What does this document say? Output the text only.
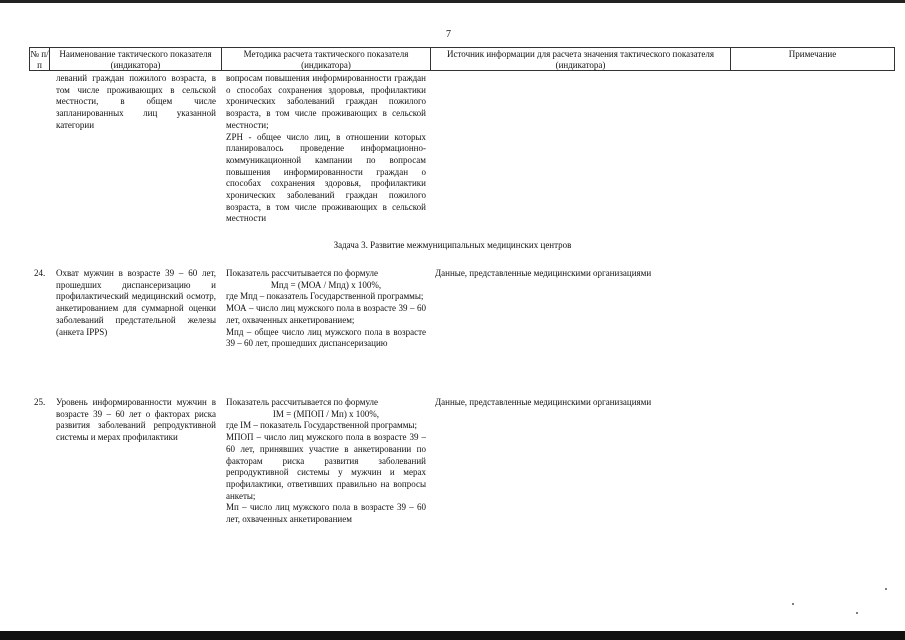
7
№ п/п
Наименование тактического показателя (индикатора)
Методика расчета тактического показателя (индикатора)
Источник информации для расчета значения тактического показателя (индикатора)
Примечание
леваний граждан пожилого возраста, в том числе проживающих в сельской местности, в общем числе запланированных лиц указанной категории
вопросам повышения информированности граждан о способах сохранения здоровья, профилактики хронических заболеваний граждан пожилого возраста, в том числе проживающих в сельской местности;
ZPН - общее число лиц, в отношении которых планировалось проведение информационно-коммуникационной кампании по вопросам повышения информированности граждан о способах сохранения здоровья, профилактики хронических заболеваний граждан пожилого возраста, в том числе проживающих в сельской местности
Задача 3. Развитие межмуниципальных медицинских центров
24. Охват мужчин в возрасте 39 – 60 лет, прошедших диспансеризацию и профилактический медицинский осмотр, анкетированием для суммарной оценки заболеваний предстательной железы (анкета IPPS)
Показатель рассчитывается по формуле
Mпд = (MОА / Mпд) x 100%,
где Mпд – показатель Государственной программы;
MОА – число лиц мужского пола в возрасте 39 – 60 лет, охваченных анкетированием;
Mпд – общее число лиц мужского пола в возрасте 39 – 60 лет, прошедших диспансеризацию
Данные, представленные медицинскими организациями
25. Уровень информированности мужчин в возрасте 39 – 60 лет о факторах риска развития заболеваний репродуктивной системы и мерах профилактики
Показатель рассчитывается по формуле
IМ = (MПОП / Mп) x 100%,
где IМ – показатель Государственной программы;
MПОП – число лиц мужского пола в возрасте 39 – 60 лет, принявших участие в анкетировании по факторам риска развития заболеваний репродуктивной системы у мужчин и мерах профилактики, ответивших правильно на вопросы анкеты;
Mп – число лиц мужского пола в возрасте 39 – 60 лет, охваченных анкетированием
Данные, представленные медицинскими организациями
